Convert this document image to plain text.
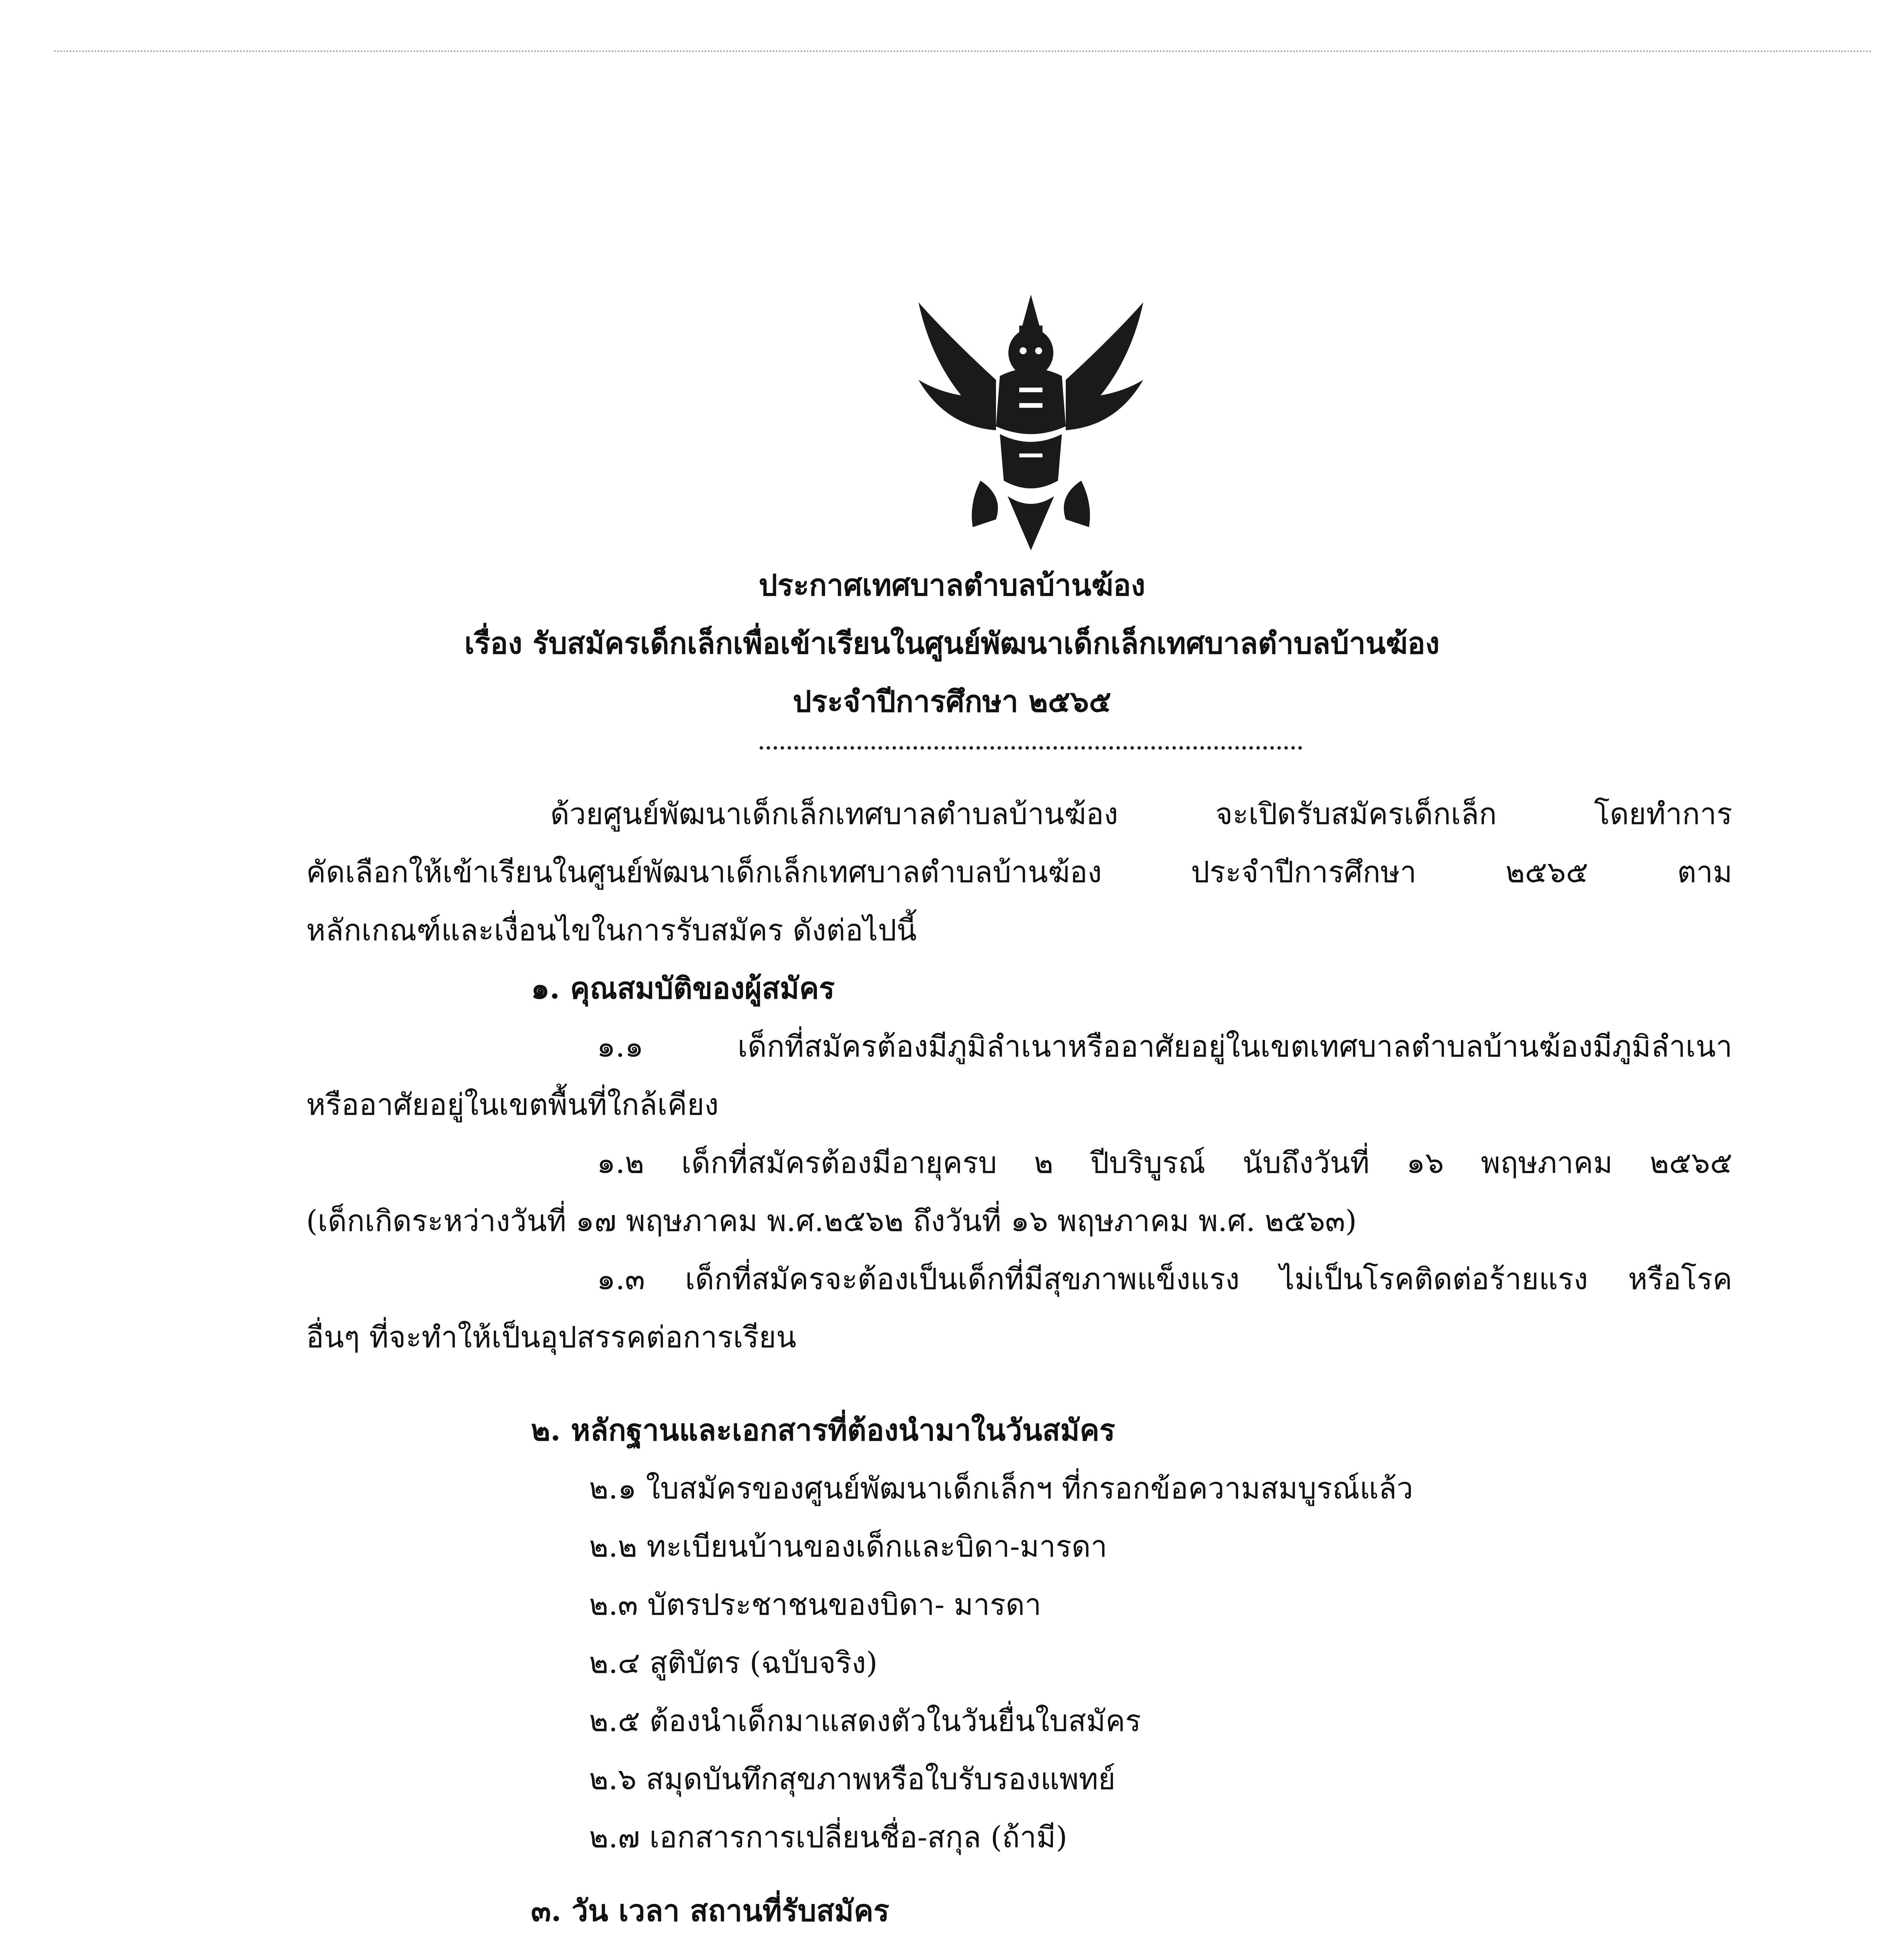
ประกาศเทศบาลตำบลบ้านฆ้อง
เรื่อง รับสมัครเด็กเล็กเพื่อเข้าเรียนในศูนย์พัฒนาเด็กเล็กเทศบาลตำบลบ้านฆ้อง
ประจำปีการศึกษา ๒๕๖๕
ด้วยศูนย์พัฒนาเด็กเล็กเทศบาลตำบลบ้านฆ้อง จะเปิดรับสมัครเด็กเล็ก โดยทำการ
คัดเลือกให้เข้าเรียนในศูนย์พัฒนาเด็กเล็กเทศบาลตำบลบ้านฆ้อง ประจำปีการศึกษา ๒๕๖๕ ตาม
หลักเกณฑ์และเงื่อนไขในการรับสมัคร ดังต่อไปนี้
๑. คุณสมบัติของผู้สมัคร
๑.๑ เด็กที่สมัครต้องมีภูมิลำเนาหรืออาศัยอยู่ในเขตเทศบาลตำบลบ้านฆ้องมีภูมิลำเนา
หรืออาศัยอยู่ในเขตพื้นที่ใกล้เคียง
๑.๒ เด็กที่สมัครต้องมีอายุครบ ๒ ปีบริบูรณ์ นับถึงวันที่ ๑๖ พฤษภาคม ๒๕๖๕
(เด็กเกิดระหว่างวันที่ ๑๗ พฤษภาคม พ.ศ.๒๕๖๒ ถึงวันที่ ๑๖ พฤษภาคม พ.ศ. ๒๕๖๓)
๑.๓ เด็กที่สมัครจะต้องเป็นเด็กที่มีสุขภาพแข็งแรง ไม่เป็นโรคติดต่อร้ายแรง หรือโรค
อื่นๆ ที่จะทำให้เป็นอุปสรรคต่อการเรียน
๒. หลักฐานและเอกสารที่ต้องนำมาในวันสมัคร
๒.๑ ใบสมัครของศูนย์พัฒนาเด็กเล็กฯ ที่กรอกข้อความสมบูรณ์แล้ว
๒.๒ ทะเบียนบ้านของเด็กและบิดา-มารดา
๒.๓ บัตรประชาชนของบิดา- มารดา
๒.๔ สูติบัตร (ฉบับจริง)
๒.๕ ต้องนำเด็กมาแสดงตัวในวันยื่นใบสมัคร
๒.๖ สมุดบันทึกสุขภาพหรือใบรับรองแพทย์
๒.๗ เอกสารการเปลี่ยนชื่อ-สกุล (ถ้ามี)
๓. วัน เวลา สถานที่รับสมัคร
